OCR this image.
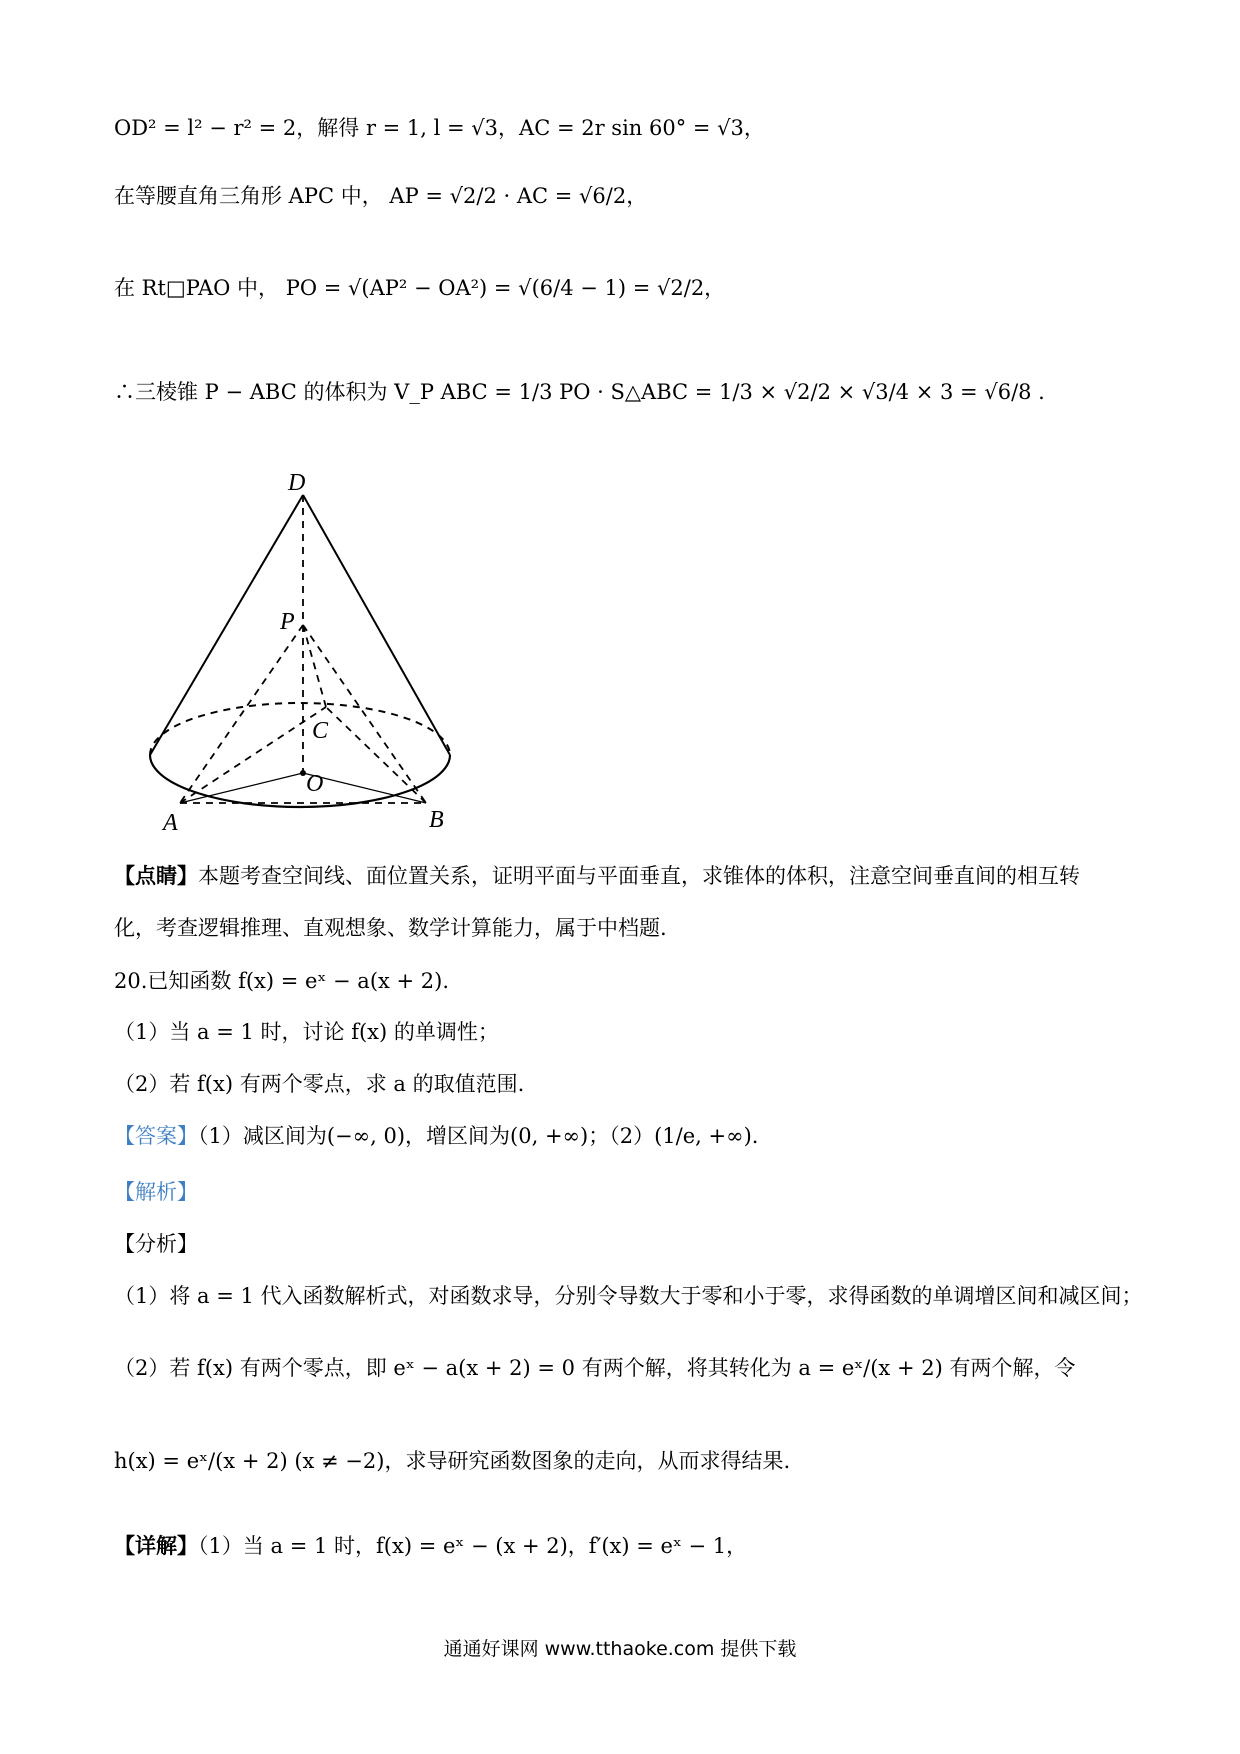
OD² = l² − r² = 2，解得 r = 1, l = √3，AC = 2r sin 60° = √3，
在等腰直角三角形 APC 中， AP = √2/2 · AC = √6/2，
在 Rt□PAO 中， PO = √(AP² − OA²) = √(6/4 − 1) = √2/2，
∴三棱锥 P − ABC 的体积为 V_P ABC = 1/3 PO · S△ABC = 1/3 × √2/2 × √3/4 × 3 = √6/8 .
D
P
C
O
A	B
【点睛】本题考查空间线、面位置关系，证明平面与平面垂直，求锥体的体积，注意空间垂直间的相互转
化，考查逻辑推理、直观想象、数学计算能力，属于中档题.
20.已知函数 f(x) = eˣ − a(x + 2).
（1）当 a = 1 时，讨论 f(x) 的单调性；
（2）若 f(x) 有两个零点，求 a 的取值范围.
【答案】（1）减区间为(−∞, 0)，增区间为(0, +∞)；（2）(1/e, +∞).
【解析】
【分析】
（1）将 a = 1 代入函数解析式，对函数求导，分别令导数大于零和小于零，求得函数的单调增区间和减区间；
（2）若 f(x) 有两个零点，即 eˣ − a(x + 2) = 0 有两个解，将其转化为 a = eˣ/(x + 2) 有两个解，令
h(x) = eˣ/(x + 2) (x ≠ −2)，求导研究函数图象的走向，从而求得结果.
【详解】（1）当 a = 1 时，f(x) = eˣ − (x + 2)，f′(x) = eˣ − 1，
通通好课网 www.tthaoke.com 提供下载
